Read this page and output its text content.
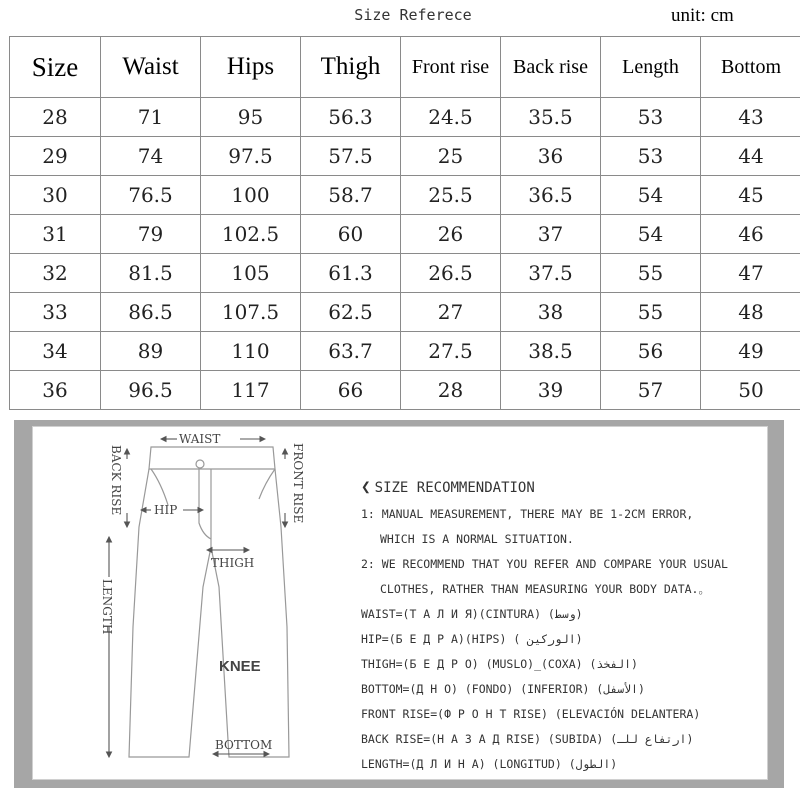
Size Referece	unit: cm
Size	Waist	Hips	Thigh	Front rise	Back rise	Length	Bottom
28	71	95	56.3	24.5	35.5	53	43
29	74	97.5	57.5	25	36	53	44
30	76.5	100	58.7	25.5	36.5	54	45
31	79	102.5	60	26	37	54	46
32	81.5	105	61.3	26.5	37.5	55	47
33	86.5	107.5	62.5	27	38	55	48
34	89	110	63.7	27.5	38.5	56	49
36	96.5	117	66	28	39	57	50
WAIST
BACK RISE	FRONT RISE
HIP
THIGH
LENGTH
BOTTOM
KNEE
❮ SIZE RECOMMENDATION
1: MANUAL MEASUREMENT, THERE MAY BE 1-2CM ERROR,
WHICH IS A NORMAL SITUATION.
2: WE RECOMMEND THAT YOU REFER AND COMPARE YOUR USUAL
CLOTHES, RATHER THAN MEASURING YOUR BODY DATA.。
WAIST=(Т А Л И Я)(CINTURA) (وسط)
HIP=(Б Е Д Р А)(HIPS) ( الوركين)
THIGH=(Б Е Д Р О) (MUSLO)_(COXA) (الفخذ)
BOTTOM=(Д Н О) (FONDO) (INFERIOR) (الأسفل)
FRONT RISE=(Ф Р О Н Т RISE) (ELEVACIÓN DELANTERA)
BACK RISE=(Н А З А Д RISE) (SUBIDA) (ارتفاع للـ)
LENGTH=(Д Л И Н А) (LONGITUD) (الطول)
